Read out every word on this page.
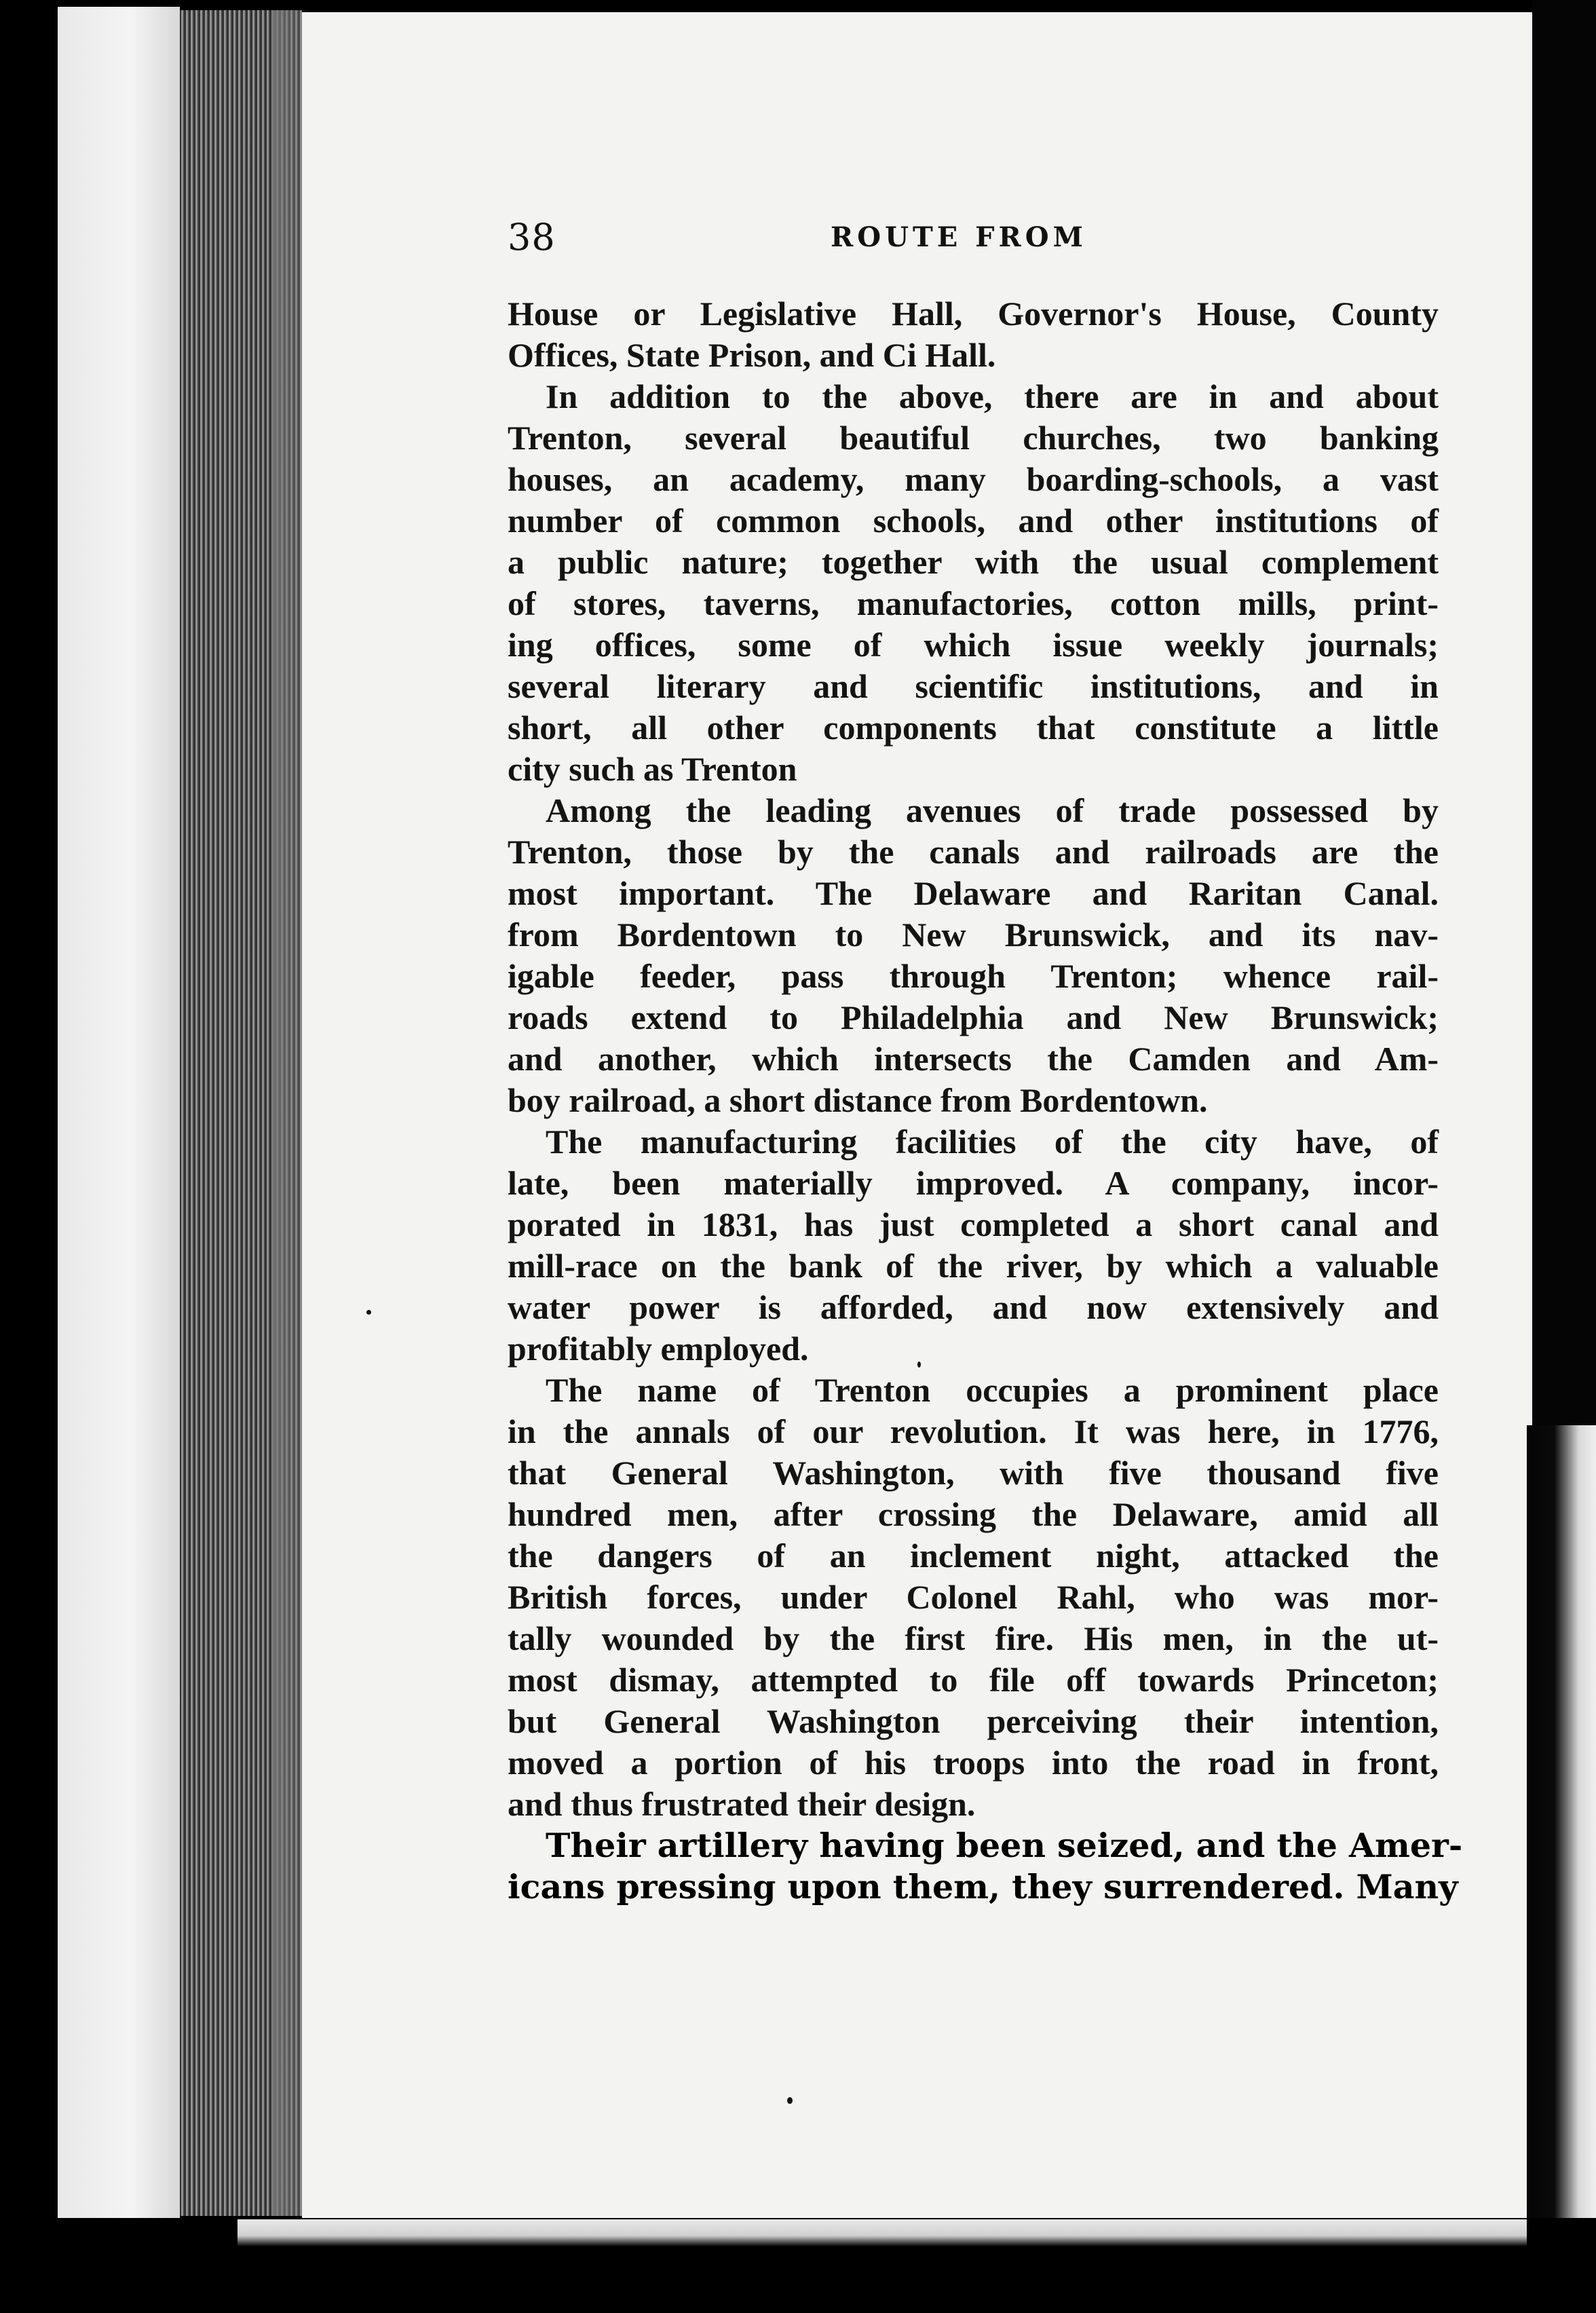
38	ROUTE FROM
House or Legislative Hall, Governor's House, County
Offices, State Prison, and Ci Hall.
In addition to the above, there are in and about
Trenton, several beautiful churches, two banking
houses, an academy, many boarding-schools, a vast
number of common schools, and other institutions of
a public nature; together with the usual complement
of stores, taverns, manufactories, cotton mills, print-
ing offices, some of which issue weekly journals;
several literary and scientific institutions, and in
short, all other components that constitute a little
city such as Trenton
Among the leading avenues of trade possessed by
Trenton, those by the canals and railroads are the
most important. The Delaware and Raritan Canal.
from Bordentown to New Brunswick, and its nav-
igable feeder, pass through Trenton; whence rail-
roads extend to Philadelphia and New Brunswick;
and another, which intersects the Camden and Am-
boy railroad, a short distance from Bordentown.
The manufacturing facilities of the city have, of
late, been materially improved. A company, incor-
porated in 1831, has just completed a short canal and
mill-race on the bank of the river, by which a valuable
water power is afforded, and now extensively and
profitably employed.
The name of Trenton occupies a prominent place
in the annals of our revolution. It was here, in 1776,
that General Washington, with five thousand five
hundred men, after crossing the Delaware, amid all
the dangers of an inclement night, attacked the
British forces, under Colonel Rahl, who was mor-
tally wounded by the first fire. His men, in the ut-
most dismay, attempted to file off towards Princeton;
but General Washington perceiving their intention,
moved a portion of his troops into the road in front,
and thus frustrated their design.
Their artillery having been seized, and the Amer-
icans pressing upon them, they surrendered. Many
